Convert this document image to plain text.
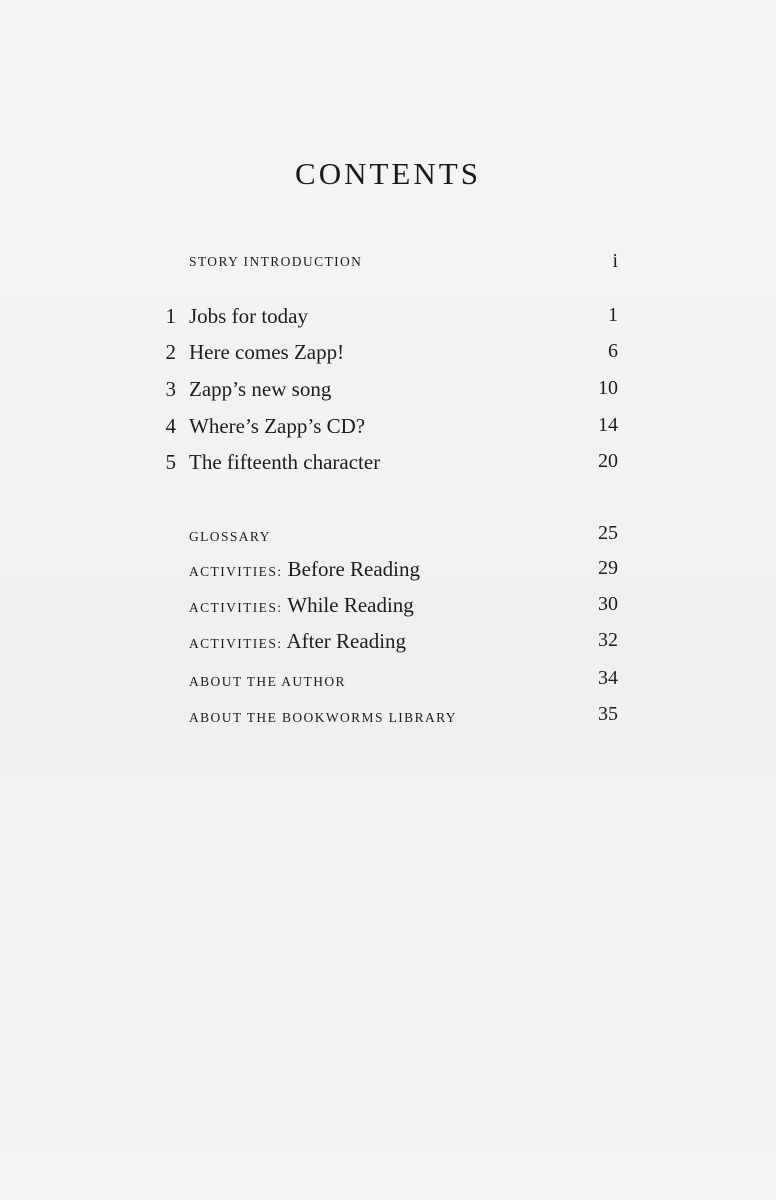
CONTENTS
STORY INTRODUCTION	i
1 Jobs for today	1
2 Here comes Zapp!	6
3 Zapp’s new song	10
4 Where’s Zapp’s CD?	14
5 The fifteenth character	20
GLOSSARY	25
ACTIVITIES: Before Reading	29
ACTIVITIES: While Reading	30
ACTIVITIES: After Reading	32
ABOUT THE AUTHOR	34
ABOUT THE BOOKWORMS LIBRARY	35
